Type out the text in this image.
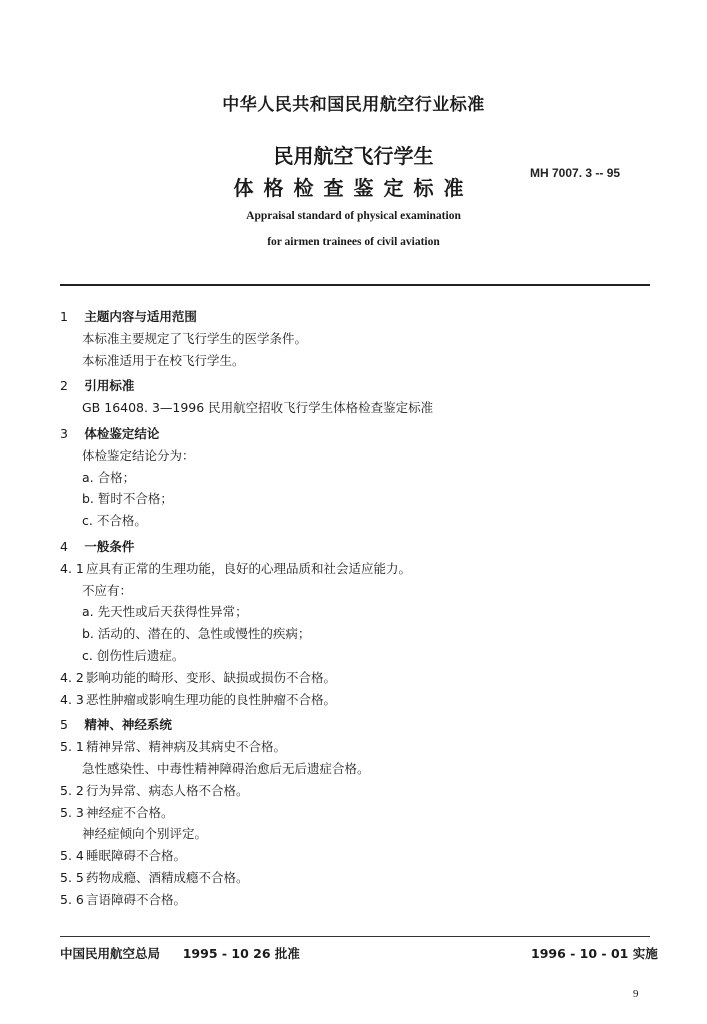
中华人民共和国民用航空行业标准
民用航空飞行学生
体格检查鉴定标准
MH 7007. 3 -- 95
Appraisal standard of physical examination
for airmen trainees of civil aviation
1 主题内容与适用范围
本标准主要规定了飞行学生的医学条件。
本标准适用于在校飞行学生。
2 引用标准
GB 16408. 3—1996 民用航空招收飞行学生体格检查鉴定标准
3 体检鉴定结论
体检鉴定结论分为：
a. 合格；
b. 暂时不合格；
c. 不合格。
4 一般条件
4. 1 应具有正常的生理功能，良好的心理品质和社会适应能力。
不应有：
a. 先天性或后天获得性异常；
b. 活动的、潜在的、急性或慢性的疾病；
c. 创伤性后遗症。
4. 2 影响功能的畸形、变形、缺损或损伤不合格。
4. 3 恶性肿瘤或影响生理功能的良性肿瘤不合格。
5 精神、神经系统
5. 1 精神异常、精神病及其病史不合格。
急性感染性、中毒性精神障碍治愈后无后遗症合格。
5. 2 行为异常、病态人格不合格。
5. 3 神经症不合格。
神经症倾向个别评定。
5. 4 睡眠障碍不合格。
5. 5 药物成瘾、酒精成瘾不合格。
5. 6 言语障碍不合格。
中国民用航空总局 1995 - 10 26 批准	1996 - 10 - 01 实施
9
